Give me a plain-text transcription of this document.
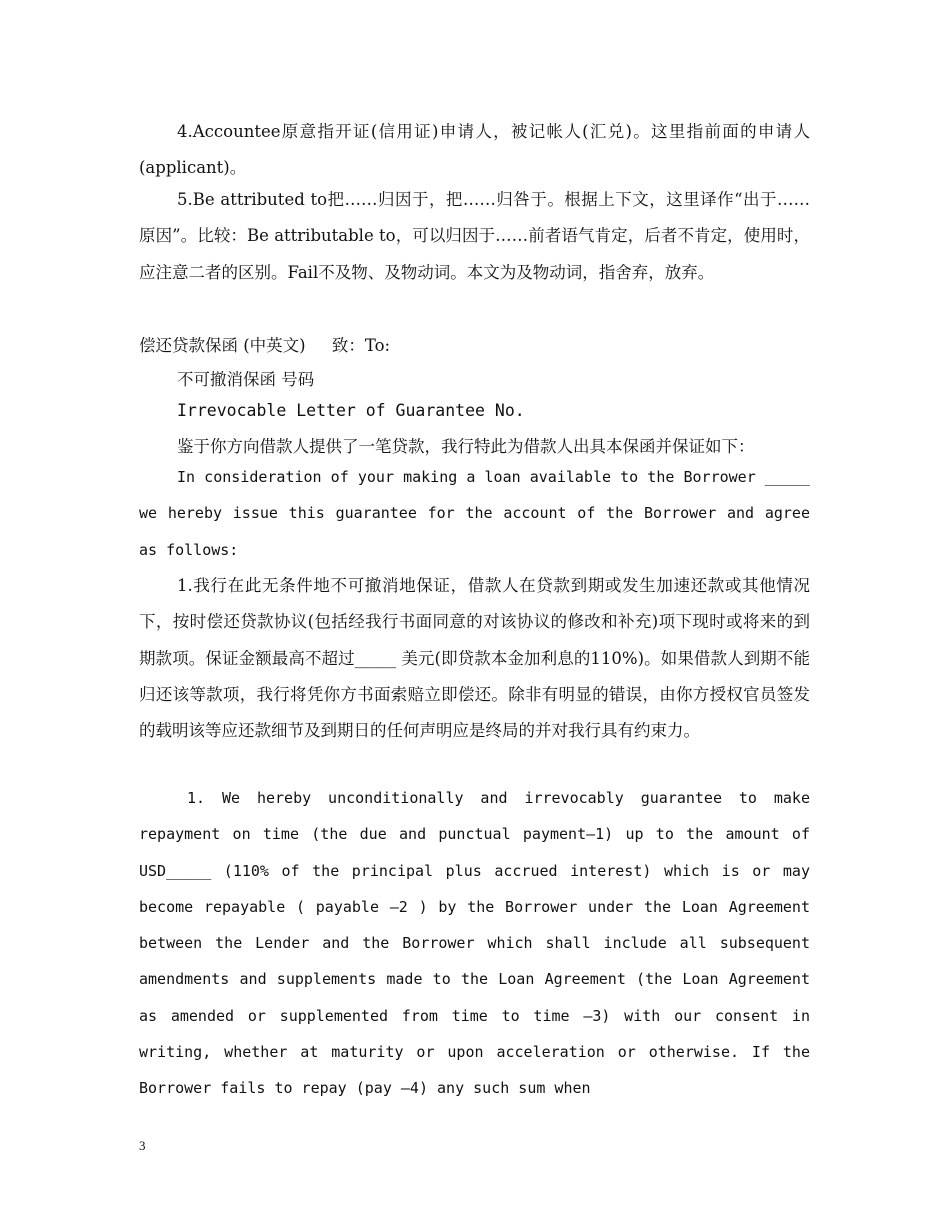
4.Accountee原意指开证(信用证)申请人，被记帐人(汇兑)。这里指前面的申请人(applicant)。

5.Be attributed to把……归因于，把……归咎于。根据上下文，这里译作“出于……原因”。比较：Be attributable to，可以归因于……前者语气肯定，后者不肯定，使用时，应注意二者的区别。Fail不及物、及物动词。本文为及物动词，指舍弃，放弃。

偿还贷款保函 (中英文)     致：To:
不可撤消保函 号码
Irrevocable Letter of Guarantee No.
鉴于你方向借款人提供了一笔贷款，我行特此为借款人出具本保函并保证如下：

In consideration of your making a loan available to the Borrower _____ we hereby issue this guarantee for the account of the Borrower and agree as follows:

1.我行在此无条件地不可撤消地保证，借款人在贷款到期或发生加速还款或其他情况下，按时偿还贷款协议(包括经我行书面同意的对该协议的修改和补充)项下现时或将来的到期款项。保证金额最高不超过_____ 美元(即贷款本金加利息的110%)。如果借款人到期不能归还该等款项，我行将凭你方书面索赔立即偿还。除非有明显的错误，由你方授权官员签发的载明该等应还款细节及到期日的任何声明应是终局的并对我行具有约束力。

1. We hereby unconditionally and irrevocably guarantee to make repayment on time (the due and punctual payment—1) up to the amount of USD_____ (110% of the principal plus accrued interest) which is or may become repayable ( payable —2 ) by the Borrower under the Loan Agreement between the Lender and the Borrower which shall include all subsequent amendments and supplements made to the Loan Agreement (the Loan Agreement as amended or supplemented from time to time —3) with our consent in writing, whether at maturity or upon acceleration or otherwise. If the Borrower fails to repay (pay —4) any such sum when

3
